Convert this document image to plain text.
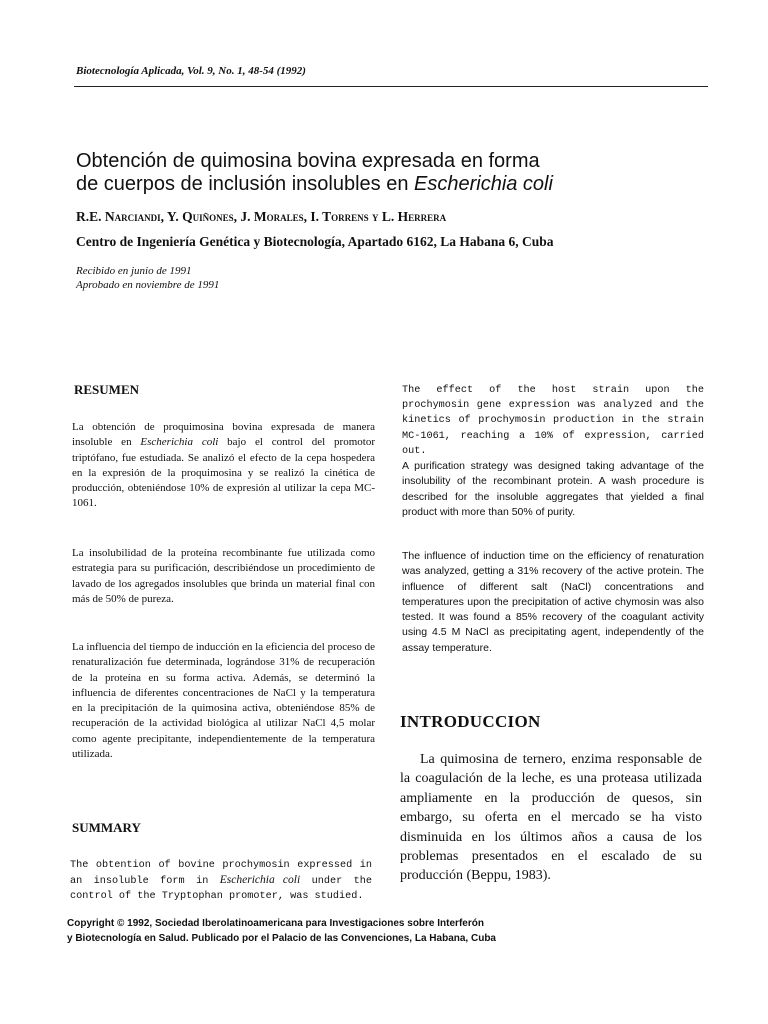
Biotecnología Aplicada, Vol. 9, No. 1, 48-54 (1992)
Obtención de quimosina bovina expresada en forma
de cuerpos de inclusión insolubles en Escherichia coli
R.E. Narciandi, Y. Quiñones, J. Morales, I. Torrens y L. Herrera
Centro de Ingeniería Genética y Biotecnología, Apartado 6162, La Habana 6, Cuba
Recibido en junio de 1991
Aprobado en noviembre de 1991
RESUMEN

La obtención de proquimosina bovina expresada de manera insoluble en Escherichia coli bajo el control del promotor triptófano, fue estudiada. Se analizó el efecto de la cepa hospedera en la expresión de la proquimosina y se realizó la cinética de producción, obteniéndose 10% de expresión al utilizar la cepa MC-1061.

La insolubilidad de la proteína recombinante fue utilizada como estrategia para su purificación, describiéndose un procedimiento de lavado de los agregados insolubles que brinda un material final con más de 50% de pureza.

La influencia del tiempo de inducción en la eficiencia del proceso de renaturalización fue determinada, lográndose 31% de recuperación de la proteína en su forma activa. Además, se determinó la influencia de diferentes concentraciones de NaCl y la temperatura en la precipitación de la quimosina activa, obteniéndose 85% de recuperación de la actividad biológica al utilizar NaCl 4,5 molar como agente precipitante, independientemente de la temperatura utilizada.

SUMMARY

The obtention of bovine prochymosin expressed in an insoluble form in Escherichia coli under the control of the Tryptophan promoter, was studied.

The effect of the host strain upon the prochymosin gene expression was analyzed and the kinetics of prochymosin production in the strain MC-1061, reaching a 10% of expression, carried out.

A purification strategy was designed taking advantage of the insolubility of the recombinant protein. A wash procedure is described for the insoluble aggregates that yielded a final product with more than 50% of purity.

The influence of induction time on the efficiency of renaturation was analyzed, getting a 31% recovery of the active protein. The influence of different salt (NaCl) concentrations and temperatures upon the precipitation of active chymosin was also tested. It was found a 85% recovery of the coagulant activity using 4.5 M NaCl as precipitating agent, independently of the assay temperature.

INTRODUCCION

La quimosina de ternero, enzima responsable de la coagulación de la leche, es una proteasa utilizada ampliamente en la producción de quesos, sin embargo, su oferta en el mercado se ha visto disminuida en los últimos años a causa de los problemas presentados en el escalado de su producción (Beppu, 1983).

Copyright © 1992, Sociedad Iberolatinoamericana para Investigaciones sobre Interferón
y Biotecnología en Salud. Publicado por el Palacio de las Convenciones, La Habana, Cuba
